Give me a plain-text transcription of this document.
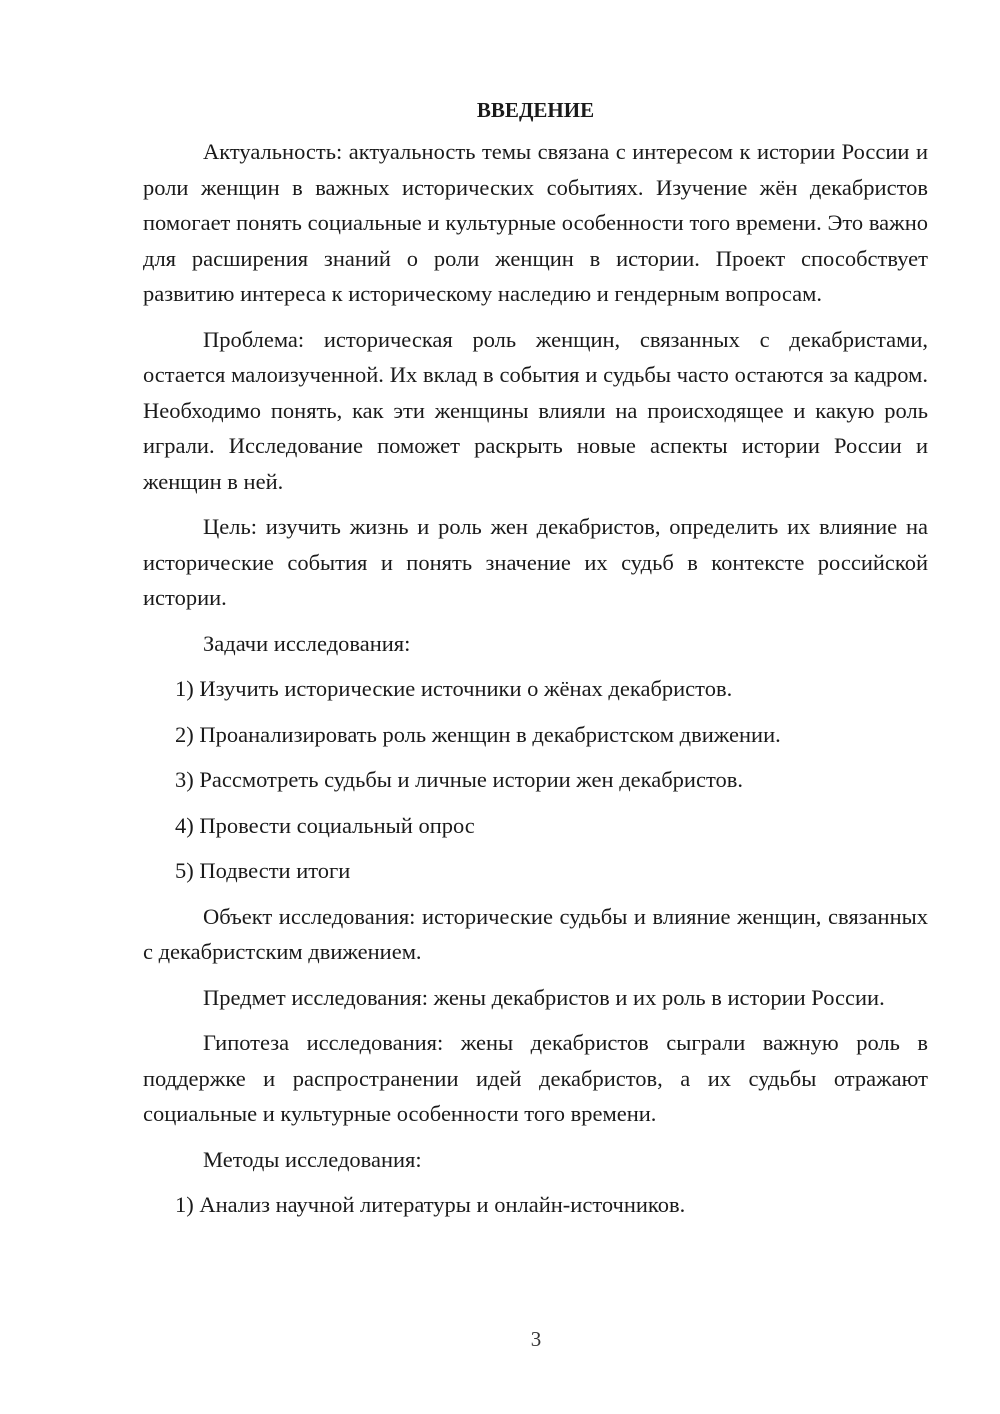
ВВЕДЕНИЕ
Актуальность: актуальность темы связана с интересом к истории России и роли женщин в важных исторических событиях. Изучение жён декабристов помогает понять социальные и культурные особенности того времени. Это важно для расширения знаний о роли женщин в истории. Проект способствует развитию интереса к историческому наследию и гендерным вопросам.
Проблема: историческая роль женщин, связанных с декабристами, остается малоизученной. Их вклад в события и судьбы часто остаются за кадром. Необходимо понять, как эти женщины влияли на происходящее и какую роль играли. Исследование поможет раскрыть новые аспекты истории России и женщин в ней.
Цель: изучить жизнь и роль жен декабристов, определить их влияние на исторические события и понять значение их судьб в контексте российской истории.
Задачи исследования:
1) Изучить исторические источники о жёнах декабристов.
2) Проанализировать роль женщин в декабристском движении.
3) Рассмотреть судьбы и личные истории жен декабристов.
4) Провести социальный опрос
5) Подвести итоги
Объект исследования: исторические судьбы и влияние женщин, связанных с декабристским движением.
Предмет исследования: жены декабристов и их роль в истории России.
Гипотеза исследования: жены декабристов сыграли важную роль в поддержке и распространении идей декабристов, а их судьбы отражают социальные и культурные особенности того времени.
Методы исследования:
1) Анализ научной литературы и онлайн-источников.
3
